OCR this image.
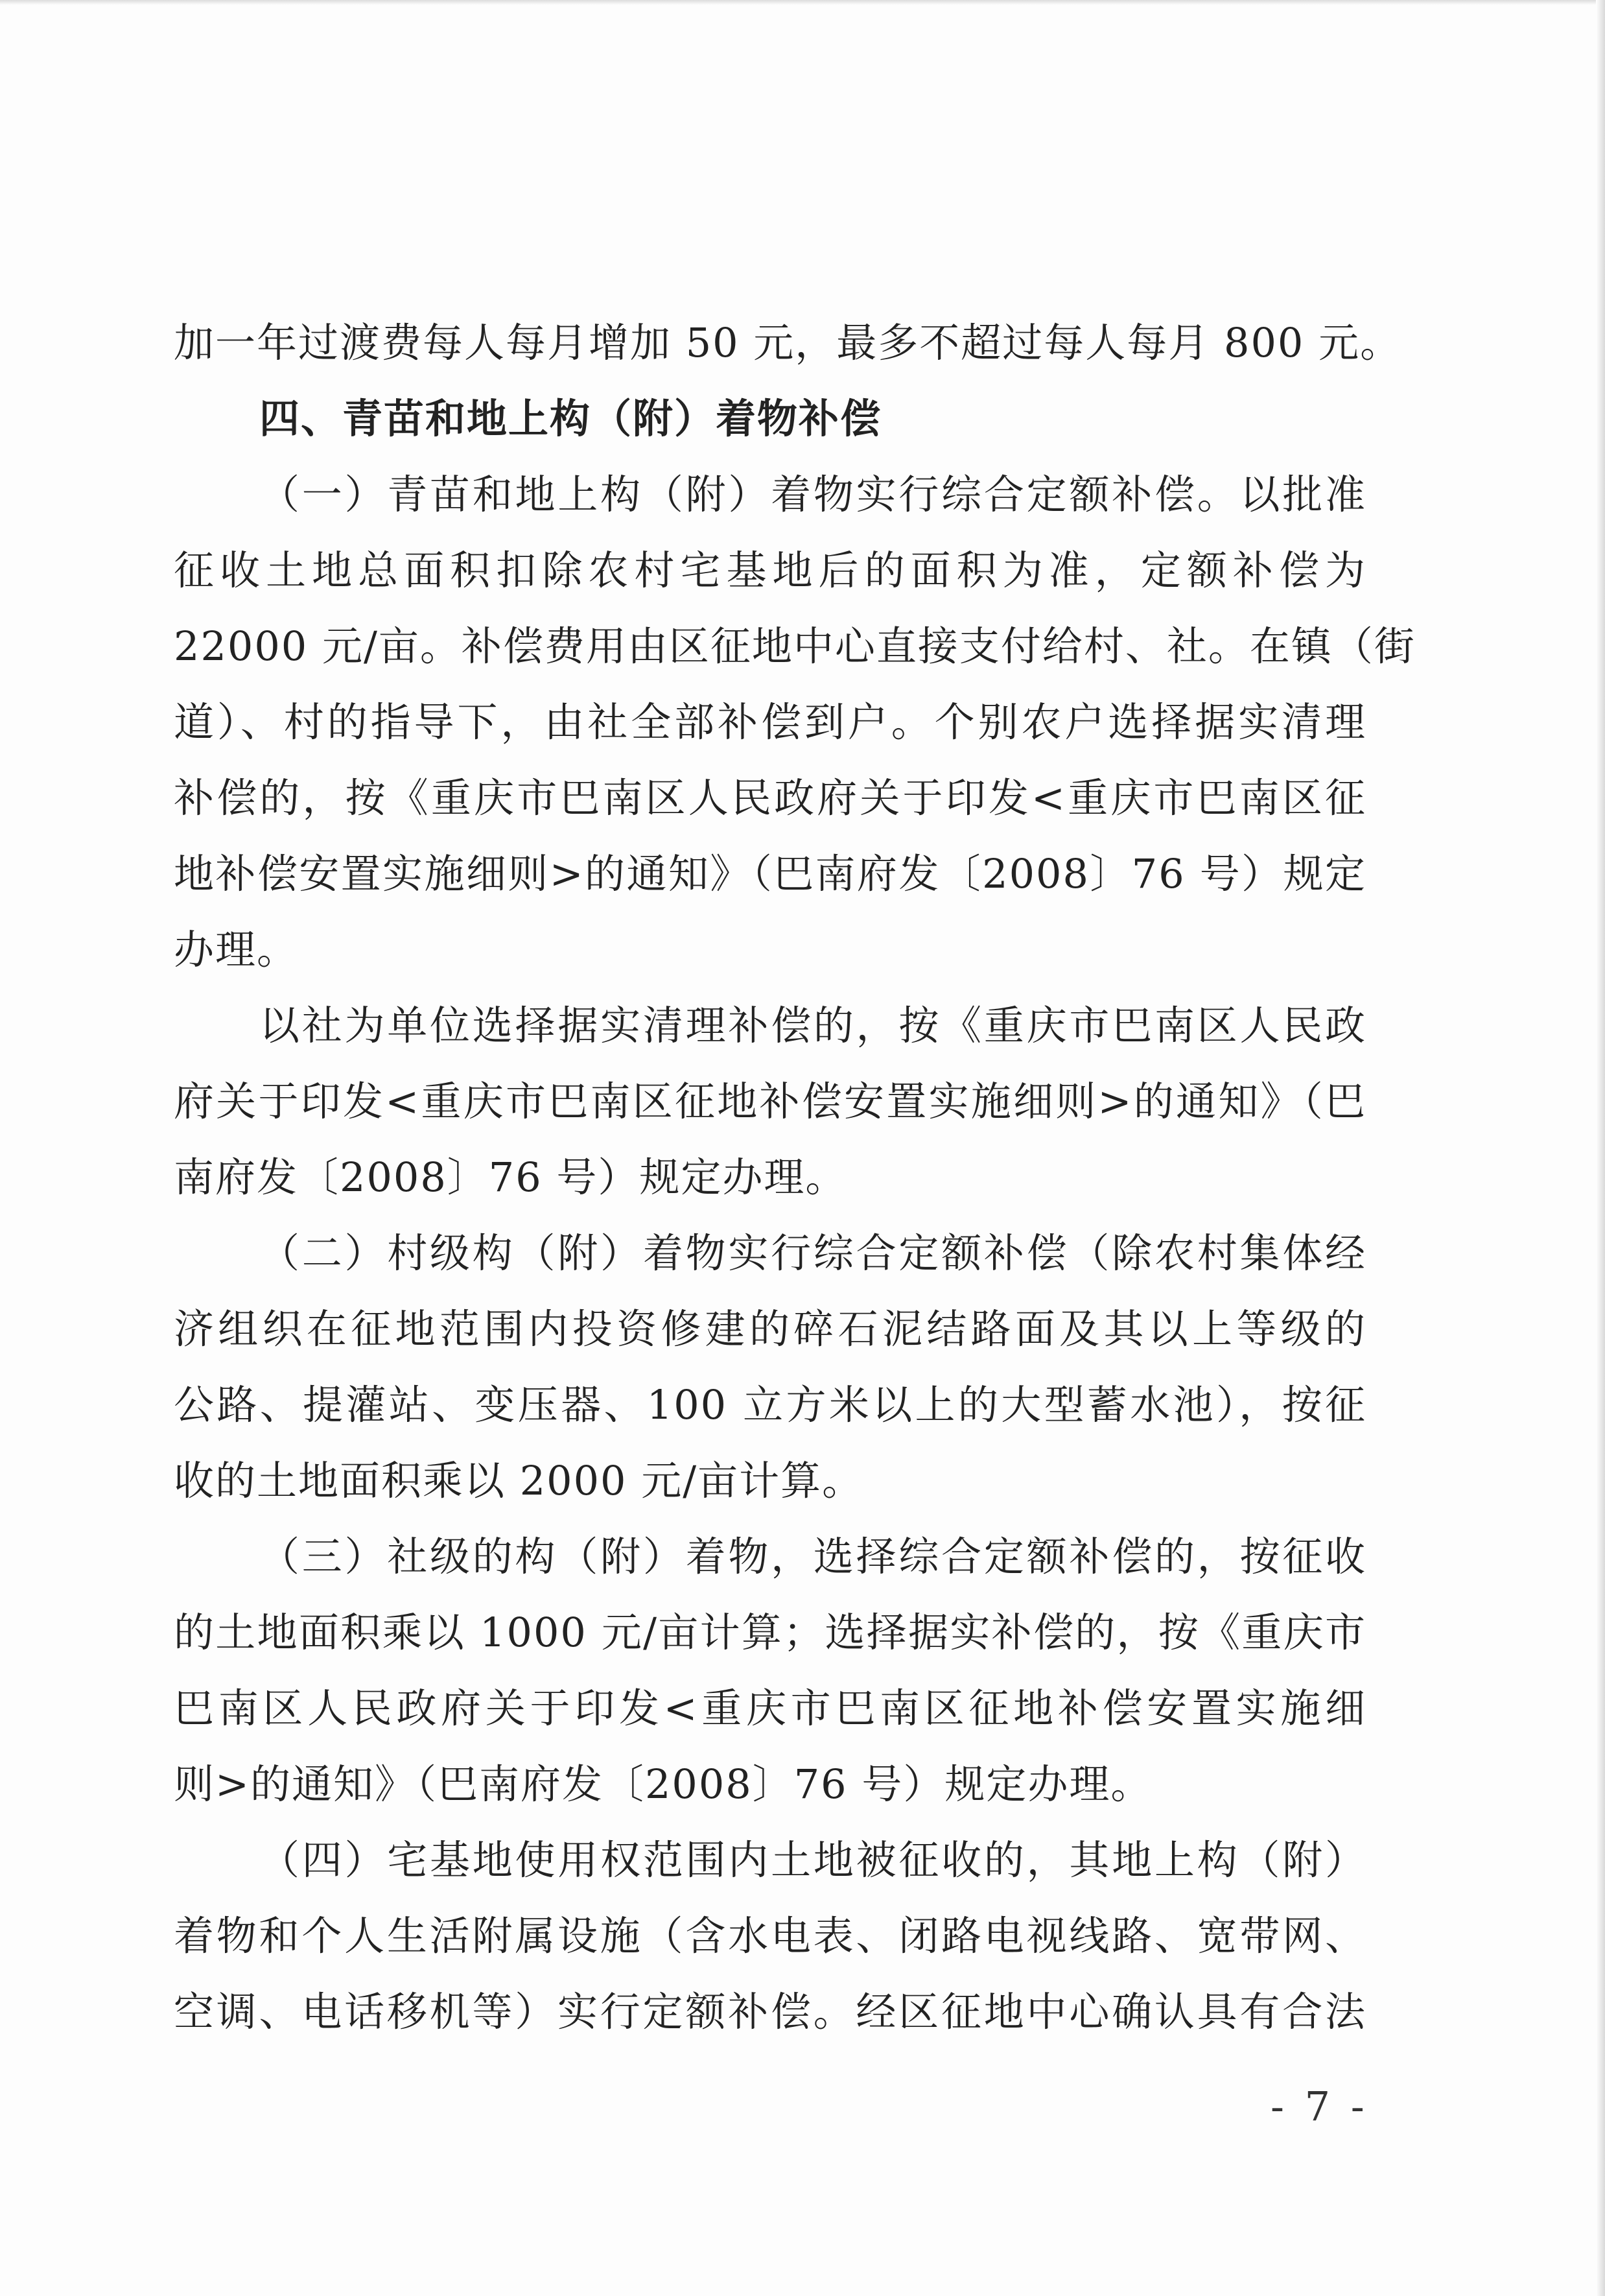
加一年过渡费每人每月增加 50 元，最多不超过每人每月 800 元。
四、青苗和地上构（附）着物补偿
（一）青苗和地上构（附）着物实行综合定额补偿。以批准
征收土地总面积扣除农村宅基地后的面积为准，定额补偿为
22000 元/亩。补偿费用由区征地中心直接支付给村、社。在镇（街
道）、村的指导下，由社全部补偿到户。个别农户选择据实清理
补偿的，按《重庆市巴南区人民政府关于印发<重庆市巴南区征
地补偿安置实施细则>的通知》（巴南府发〔2008〕76 号）规定
办理。
以社为单位选择据实清理补偿的，按《重庆市巴南区人民政
府关于印发<重庆市巴南区征地补偿安置实施细则>的通知》（巴
南府发〔2008〕76 号）规定办理。
（二）村级构（附）着物实行综合定额补偿（除农村集体经
济组织在征地范围内投资修建的碎石泥结路面及其以上等级的
公路、提灌站、变压器、100 立方米以上的大型蓄水池），按征
收的土地面积乘以 2000 元/亩计算。
（三）社级的构（附）着物，选择综合定额补偿的，按征收
的土地面积乘以 1000 元/亩计算；选择据实补偿的，按《重庆市
巴南区人民政府关于印发<重庆市巴南区征地补偿安置实施细
则>的通知》（巴南府发〔2008〕76 号）规定办理。
（四）宅基地使用权范围内土地被征收的，其地上构（附）
着物和个人生活附属设施（含水电表、闭路电视线路、宽带网、
空调、电话移机等）实行定额补偿。经区征地中心确认具有合法
- 7 -
